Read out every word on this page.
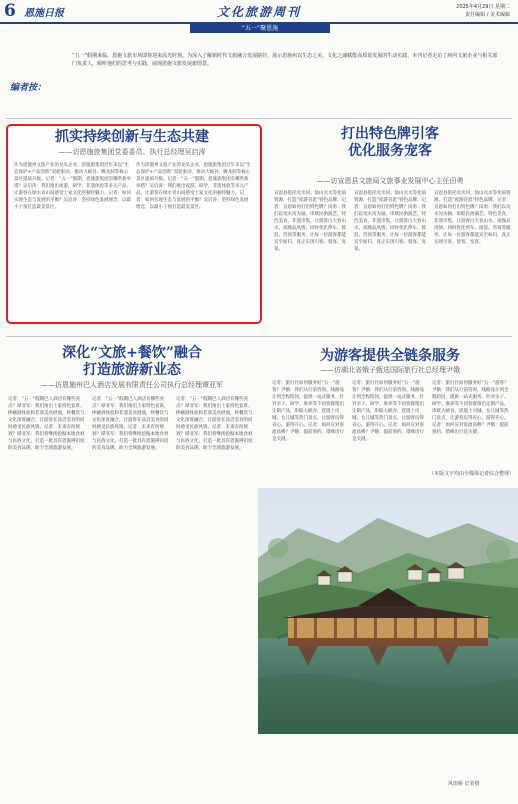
6 恩施日报	文化旅游周刊	2025年4月29日 星期二
责任编辑 / 美术编辑
“五一”聚恩施
编者按：
“五一”假期来临，恩施文旅市场即将迎来高光时刻。为深入了解新时代文旅融合发展路径，展示恩施州以生态之美、文化之魂赋能高质量发展的生动实践，本刊记者走访了州内文旅企业与相关部门负责人，倾听他们的思考与实践，展现恩施文旅发展新图景。
抓实持续创新与生态共建
——访恩施旅集团党委委员、执行总经理吴启涛

作为恩施州文旅产业的龙头企业，恩施旅集团近年来以“生态保护+产品创新”双轮驱动，推动大峡谷、腾龙洞等核心景区提质升级。记者：“五一”假期，恩施旅集团有哪些新举措？吴启涛：我们推出夜游、研学、非遗体验等多元产品，让游客在绿水青山间感受土家文化的独特魅力。记者：如何实现生态与发展的平衡？吴启涛：坚持绿色发展理念，以最小干预打造最美景区。

作为恩施州文旅产业的龙头企业，恩施旅集团近年来以“生态保护+产品创新”双轮驱动，推动大峡谷、腾龙洞等核心景区提质升级。记者：“五一”假期，恩施旅集团有哪些新举措？吴启涛：我们推出夜游、研学、非遗体验等多元产品，让游客在绿水青山间感受土家文化的独特魅力。记者：如何实现生态与发展的平衡？吴启涛：坚持绿色发展理念，以最小干预打造最美景区。

打出特色牌引客
优化服务宠客
——访宣恩县文旅局文旅事业发展中心主任田勇

宣恩县依托贡水河、仙山贡水等优质资源，打造“夜游宣恩”特色品牌。记者：宣恩如何打出特色牌？田勇：我们以贡水河为轴，串联民俗演艺、特色美食、非遗市集，让游客白天看山水、夜晚品风情。同时优化停车、接驳、咨询等服务，让每一位游客都能宾至如归，真正实现引客、留客、宠客。

宣恩县依托贡水河、仙山贡水等优质资源，打造“夜游宣恩”特色品牌。记者：宣恩如何打出特色牌？田勇：我们以贡水河为轴，串联民俗演艺、特色美食、非遗市集，让游客白天看山水、夜晚品风情。同时优化停车、接驳、咨询等服务，让每一位游客都能宾至如归，真正实现引客、留客、宠客。

宣恩县依托贡水河、仙山贡水等优质资源，打造“夜游宣恩”特色品牌。记者：宣恩如何打出特色牌？田勇：我们以贡水河为轴，串联民俗演艺、特色美食、非遗市集，让游客白天看山水、夜晚品风情。同时优化停车、接驳、咨询等服务，让每一位游客都能宾至如归，真正实现引客、留客、宠客。

深化“文旅+餐饮”融合
打造旅游新业态
——访恩施州巴人酒店发展有限责任公司执行总经理谭亚军

记者：“五一”假期巴人酒店有哪些亮点？谭亚军：我们推出土家特色宴席、摔碗酒体验和非遗美食展演，将餐饮与文化深度融合，让游客在品尝美食的同时感受民族风情。记者：未来有何规划？谭亚军：我们将继续挖掘本地食材与民俗文化，打造一批具有恩施辨识度的美食品牌，助力全域旅游发展。

记者：“五一”假期巴人酒店有哪些亮点？谭亚军：我们推出土家特色宴席、摔碗酒体验和非遗美食展演，将餐饮与文化深度融合，让游客在品尝美食的同时感受民族风情。记者：未来有何规划？谭亚军：我们将继续挖掘本地食材与民俗文化，打造一批具有恩施辨识度的美食品牌，助力全域旅游发展。

记者：“五一”假期巴人酒店有哪些亮点？谭亚军：我们推出土家特色宴席、摔碗酒体验和非遗美食展演，将餐饮与文化深度融合，让游客在品尝美食的同时感受民族风情。记者：未来有何规划？谭亚军：我们将继续挖掘本地食材与民俗文化，打造一批具有恩施辨识度的美食品牌，助力全域旅游发展。

为游客提供全链条服务
——访湖北省娥子甄选国际旅行社总经理尹娥

记者：旅行社如何服务好“五一”游客？尹娥：我们从行前咨询、线路设计到全程陪同，提供一站式服务。针对亲子、研学、康养等不同客群推出定制产品，串联大峡谷、恩施土司城、女儿城等热门景点，让游客玩得省心、游得开心。记者：如何应对客流高峰？尹娥：提前预约、错峰出行是关键。

记者：旅行社如何服务好“五一”游客？尹娥：我们从行前咨询、线路设计到全程陪同，提供一站式服务。针对亲子、研学、康养等不同客群推出定制产品，串联大峡谷、恩施土司城、女儿城等热门景点，让游客玩得省心、游得开心。记者：如何应对客流高峰？尹娥：提前预约、错峰出行是关键。

记者：旅行社如何服务好“五一”游客？尹娥：我们从行前咨询、线路设计到全程陪同，提供一站式服务。针对亲子、研学、康养等不同客群推出定制产品，串联大峡谷、恩施土司城、女儿城等热门景点，让游客玩得省心、游得开心。记者：如何应对客流高峰？尹娥：提前预约、错峰出行是关键。

（本版文字均由全媒体记者综合整理）
风雨桥 记者摄
